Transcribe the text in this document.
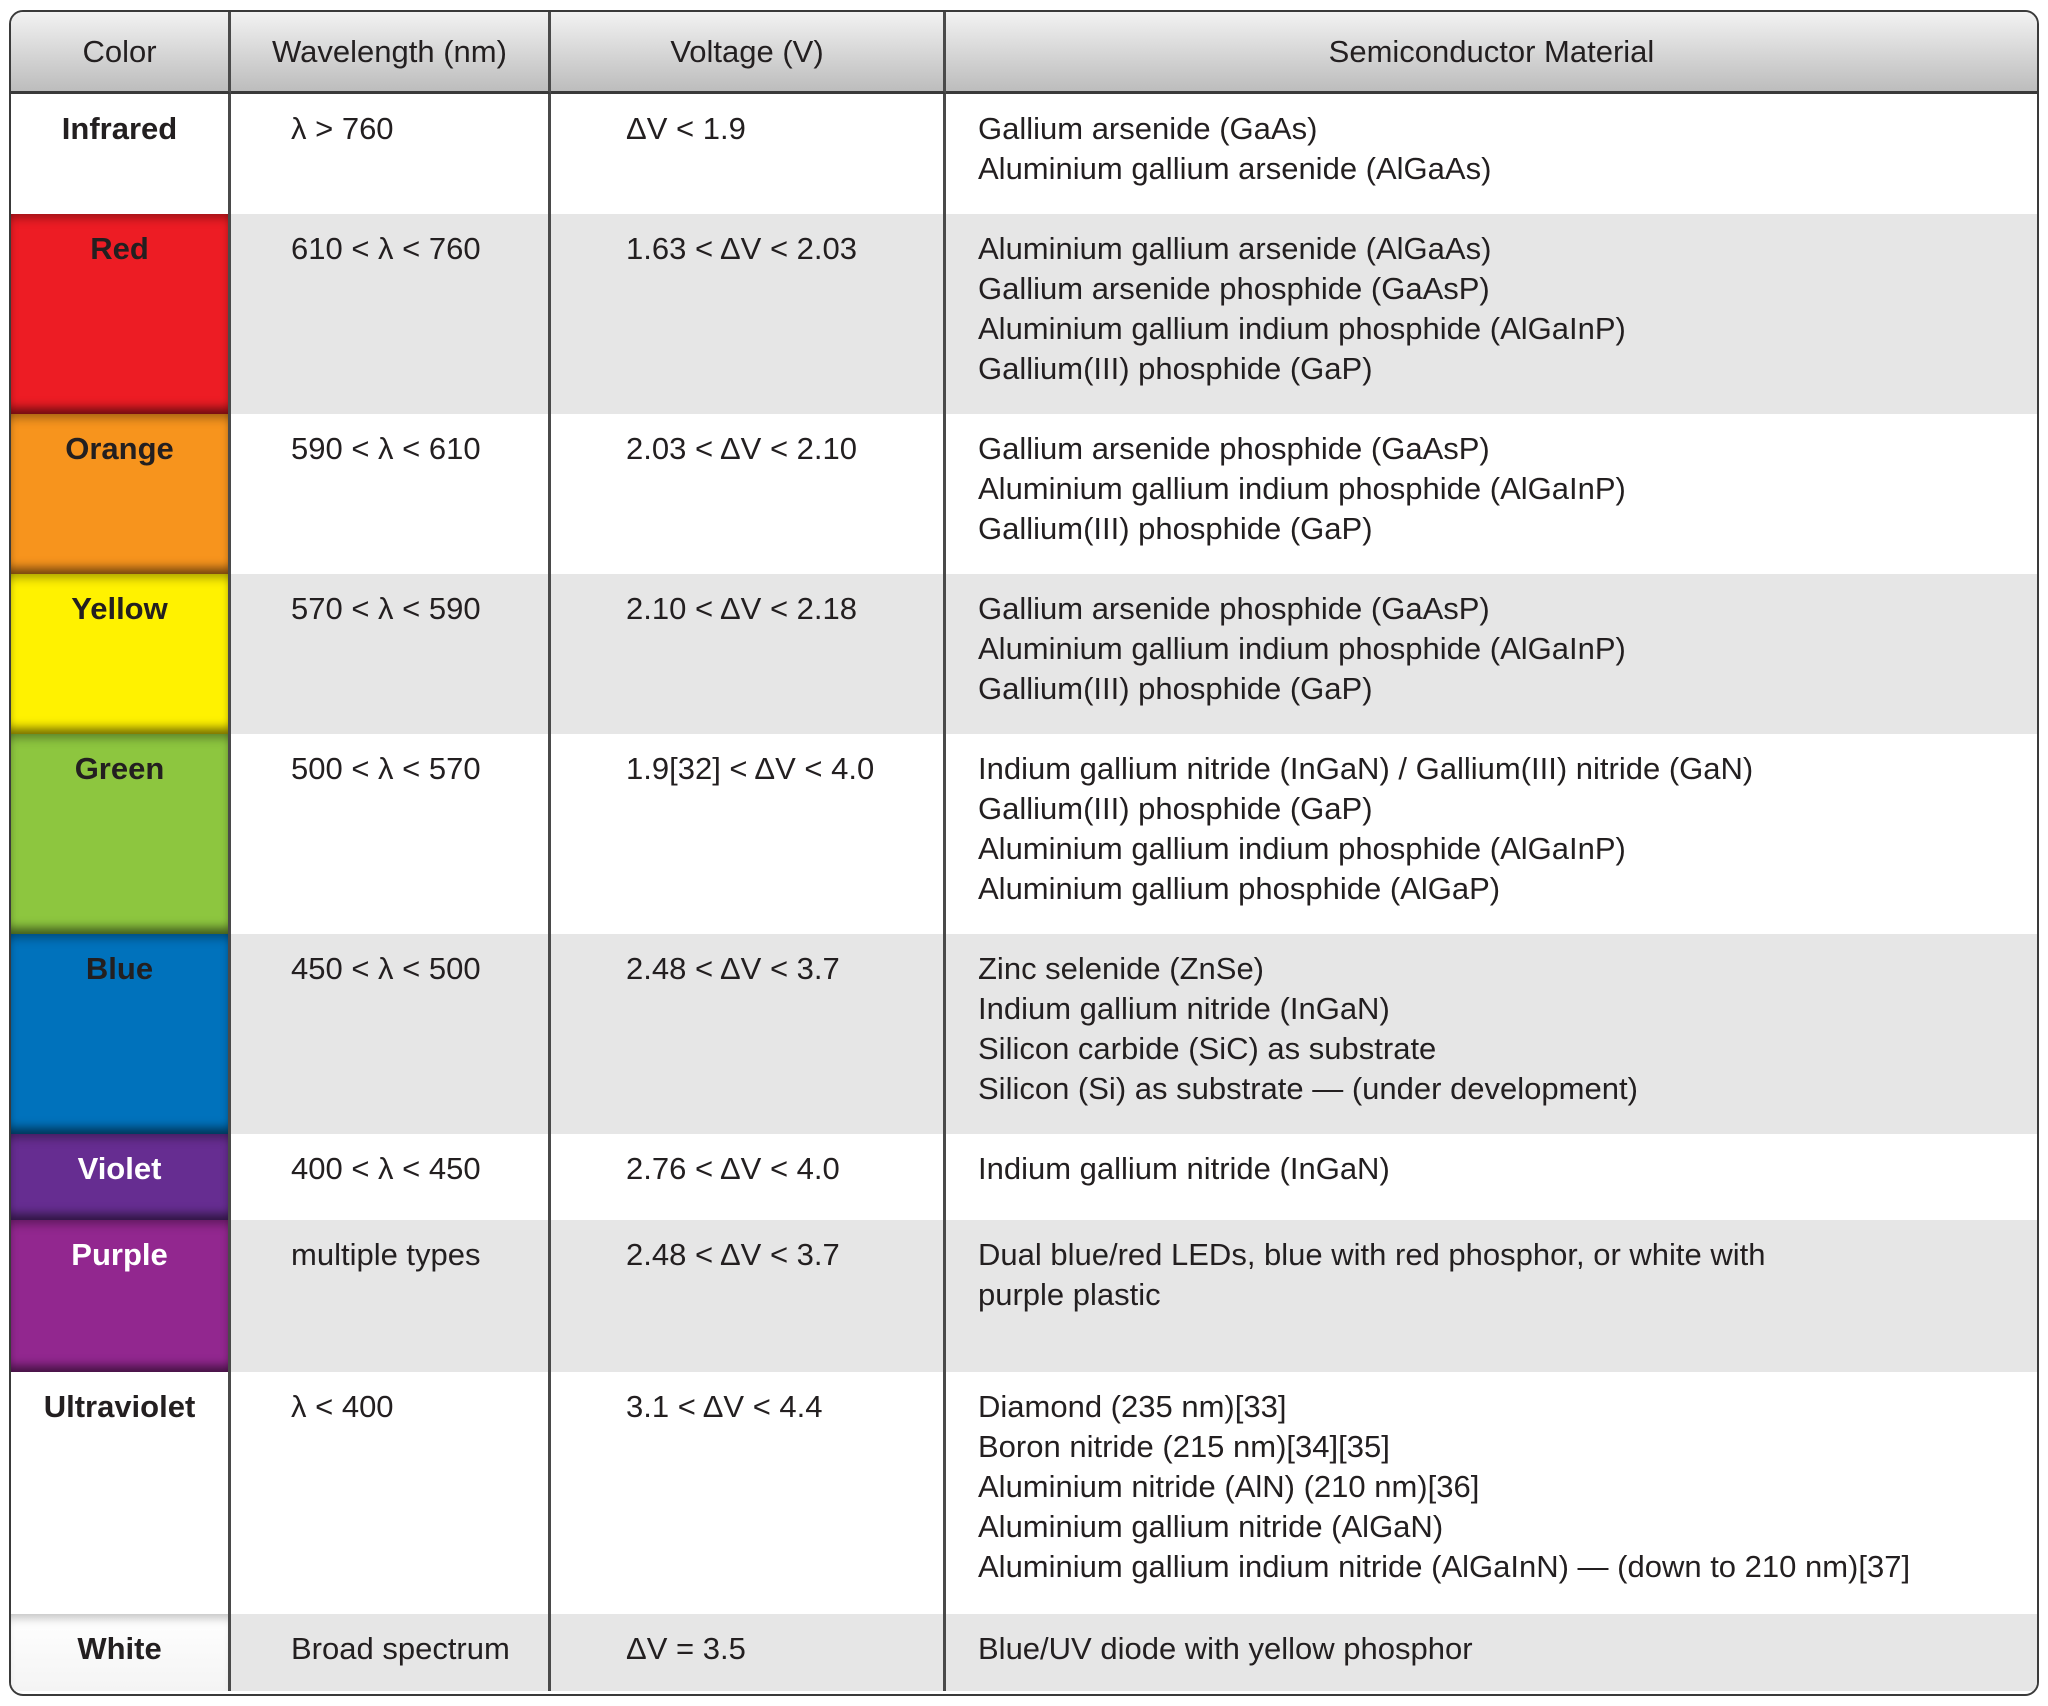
Color	Wavelength (nm)	Voltage (V)	Semiconductor Material
Infrared	λ > 760	ΔV < 1.9	Gallium arsenide (GaAs)
Aluminium gallium arsenide (AlGaAs)
Red	610 < λ < 760	1.63 < ΔV < 2.03	Aluminium gallium arsenide (AlGaAs)
Gallium arsenide phosphide (GaAsP)
Aluminium gallium indium phosphide (AlGaInP)
Gallium(III) phosphide (GaP)
Orange	590 < λ < 610	2.03 < ΔV < 2.10	Gallium arsenide phosphide (GaAsP)
Aluminium gallium indium phosphide (AlGaInP)
Gallium(III) phosphide (GaP)
Yellow	570 < λ < 590	2.10 < ΔV < 2.18	Gallium arsenide phosphide (GaAsP)
Aluminium gallium indium phosphide (AlGaInP)
Gallium(III) phosphide (GaP)
Green	500 < λ < 570	1.9[32] < ΔV < 4.0	Indium gallium nitride (InGaN) / Gallium(III) nitride (GaN)
Gallium(III) phosphide (GaP)
Aluminium gallium indium phosphide (AlGaInP)
Aluminium gallium phosphide (AlGaP)
Blue	450 < λ < 500	2.48 < ΔV < 3.7	Zinc selenide (ZnSe)
Indium gallium nitride (InGaN)
Silicon carbide (SiC) as substrate
Silicon (Si) as substrate — (under development)
Violet	400 < λ < 450	2.76 < ΔV < 4.0	Indium gallium nitride (InGaN)
Purple	multiple types	2.48 < ΔV < 3.7	Dual blue/red LEDs, blue with red phosphor, or white with
purple plastic
Ultraviolet	λ < 400	3.1 < ΔV < 4.4	Diamond (235 nm)[33]
Boron nitride (215 nm)[34][35]
Aluminium nitride (AlN) (210 nm)[36]
Aluminium gallium nitride (AlGaN)
Aluminium gallium indium nitride (AlGaInN) — (down to 210 nm)[37]
White	Broad spectrum	ΔV = 3.5	Blue/UV diode with yellow phosphor
